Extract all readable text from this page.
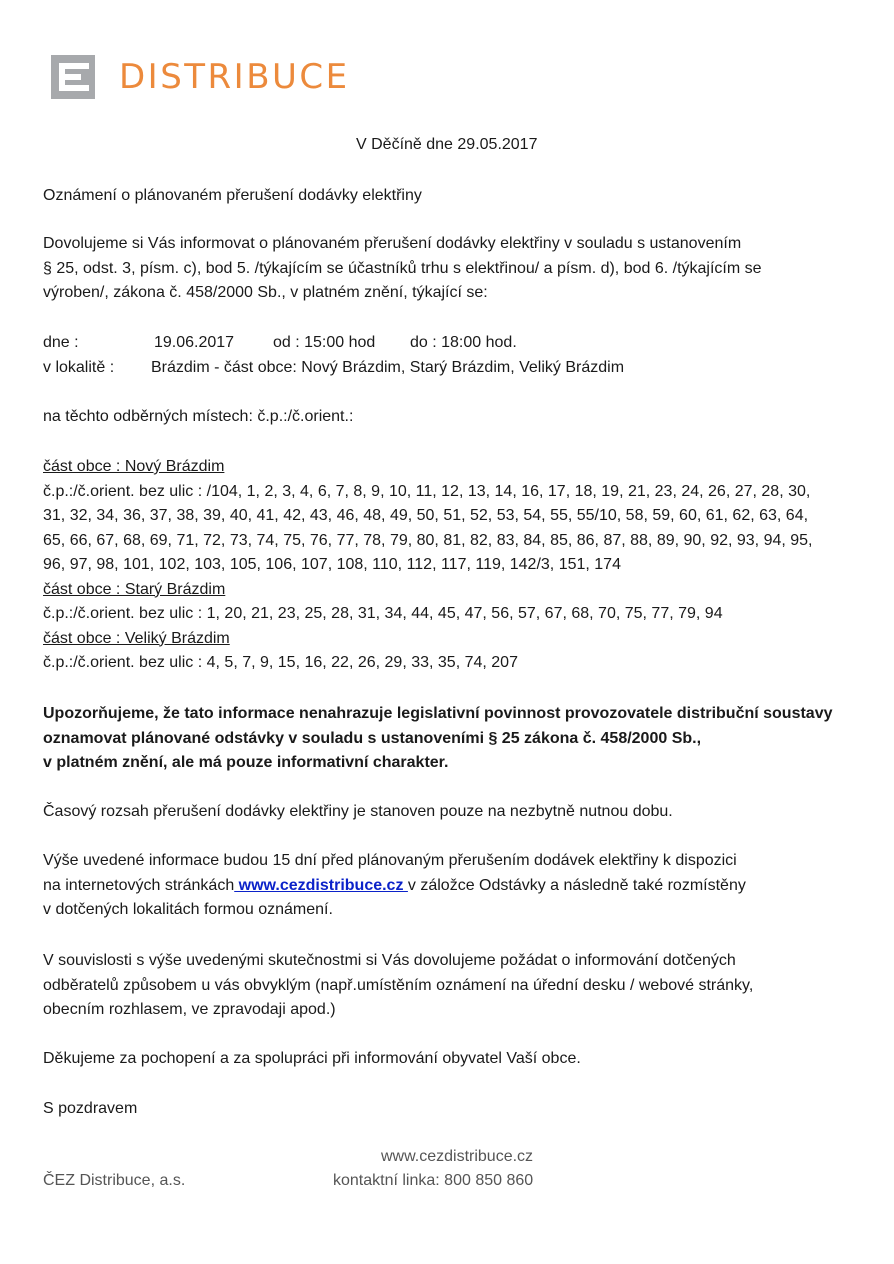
DISTRIBUCE
V Děčíně dne 29.05.2017
Oznámení o plánovaném přerušení dodávky elektřiny
Dovolujeme si Vás informovat o plánovaném přerušení dodávky elektřiny v souladu s ustanovením
§ 25, odst. 3, písm. c), bod 5. /týkajícím se účastníků trhu s elektřinou/ a písm. d), bod 6. /týkajícím se
výroben/, zákona č. 458/2000 Sb., v platném znění, týkající se:
dne :	19.06.2017 od : 15:00 hod do : 18:00 hod.
v lokalitě : Brázdim - část obce: Nový Brázdim, Starý Brázdim, Veliký Brázdim
na těchto odběrných místech: č.p.:/č.orient.:
část obce : Nový Brázdim
č.p.:/č.orient. bez ulic : /104, 1, 2, 3, 4, 6, 7, 8, 9, 10, 11, 12, 13, 14, 16, 17, 18, 19, 21, 23, 24, 26, 27, 28, 30,
31, 32, 34, 36, 37, 38, 39, 40, 41, 42, 43, 46, 48, 49, 50, 51, 52, 53, 54, 55, 55/10, 58, 59, 60, 61, 62, 63, 64,
65, 66, 67, 68, 69, 71, 72, 73, 74, 75, 76, 77, 78, 79, 80, 81, 82, 83, 84, 85, 86, 87, 88, 89, 90, 92, 93, 94, 95,
96, 97, 98, 101, 102, 103, 105, 106, 107, 108, 110, 112, 117, 119, 142/3, 151, 174
část obce : Starý Brázdim
č.p.:/č.orient. bez ulic : 1, 20, 21, 23, 25, 28, 31, 34, 44, 45, 47, 56, 57, 67, 68, 70, 75, 77, 79, 94
část obce : Veliký Brázdim
č.p.:/č.orient. bez ulic : 4, 5, 7, 9, 15, 16, 22, 26, 29, 33, 35, 74, 207
Upozorňujeme, že tato informace nenahrazuje legislativní povinnost provozovatele distribuční soustavy
oznamovat plánované odstávky v souladu s ustanoveními § 25 zákona č. 458/2000 Sb.,
v platném znění, ale má pouze informativní charakter.
Časový rozsah přerušení dodávky elektřiny je stanoven pouze na nezbytně nutnou dobu.
Výše uvedené informace budou 15 dní před plánovaným přerušením dodávek elektřiny k dispozici
na internetových stránkách www.cezdistribuce.cz v záložce Odstávky a následně také rozmístěny
v dotčených lokalitách formou oznámení.
V souvislosti s výše uvedenými skutečnostmi si Vás dovolujeme požádat o informování dotčených
odběratelů způsobem u vás obvyklým (např.umístěním oznámení na úřední desku / webové stránky,
obecním rozhlasem, ve zpravodaji apod.)
Děkujeme za pochopení a za spolupráci při informování obyvatel Vaší obce.
S pozdravem
www.cezdistribuce.cz
ČEZ Distribuce, a.s.	kontaktní linka: 800 850 860
